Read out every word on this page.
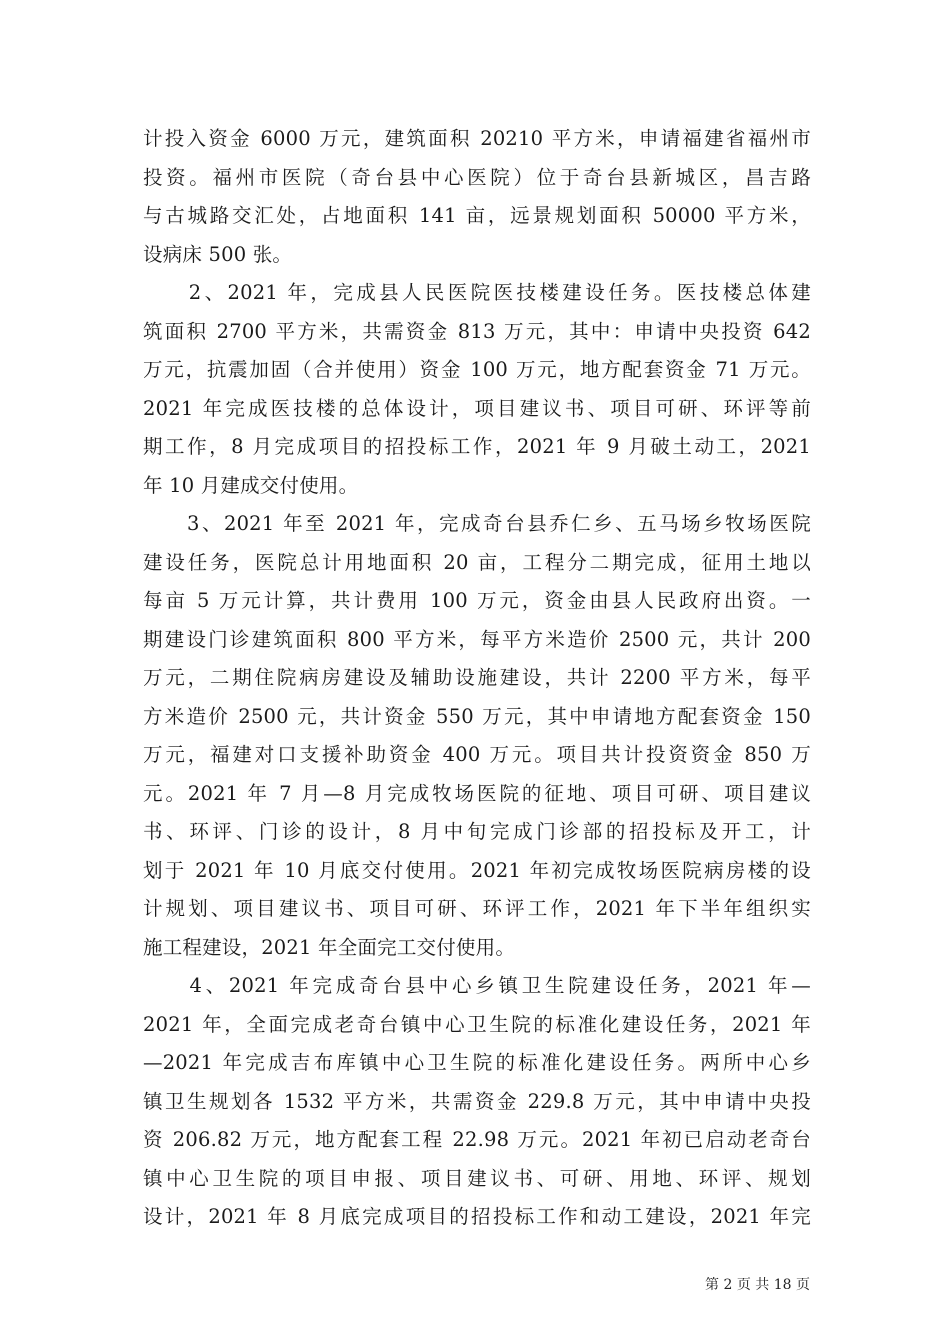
计投入资金 6000 万元，建筑面积 20210 平方米，申请福建省福州市
投资。福州市医院（奇台县中心医院）位于奇台县新城区，昌吉路
与古城路交汇处，占地面积 141 亩，远景规划面积 50000 平方米，
设病床 500 张。
　　2、2021 年，完成县人民医院医技楼建设任务。医技楼总体建
筑面积 2700 平方米，共需资金 813 万元，其中：申请中央投资 642
万元，抗震加固（合并使用）资金 100 万元，地方配套资金 71 万元。
2021 年完成医技楼的总体设计，项目建议书、项目可研、环评等前
期工作，8 月完成项目的招投标工作，2021 年 9 月破土动工，2021
年 10 月建成交付使用。
　　3、2021 年至 2021 年，完成奇台县乔仁乡、五马场乡牧场医院
建设任务，医院总计用地面积 20 亩，工程分二期完成，征用土地以
每亩 5 万元计算，共计费用 100 万元，资金由县人民政府出资。一
期建设门诊建筑面积 800 平方米，每平方米造价 2500 元，共计 200
万元，二期住院病房建设及辅助设施建设，共计 2200 平方米，每平
方米造价 2500 元，共计资金 550 万元，其中申请地方配套资金 150
万元，福建对口支援补助资金 400 万元。项目共计投资资金 850 万
元。2021 年 7 月—8 月完成牧场医院的征地、项目可研、项目建议
书、环评、门诊的设计，8 月中旬完成门诊部的招投标及开工，计
划于 2021 年 10 月底交付使用。2021 年初完成牧场医院病房楼的设
计规划、项目建议书、项目可研、环评工作，2021 年下半年组织实
施工程建设，2021 年全面完工交付使用。
　　4、2021 年完成奇台县中心乡镇卫生院建设任务，2021 年—
2021 年，全面完成老奇台镇中心卫生院的标准化建设任务，2021 年
—2021 年完成吉布库镇中心卫生院的标准化建设任务。两所中心乡
镇卫生规划各 1532 平方米，共需资金 229.8 万元，其中申请中央投
资 206.82 万元，地方配套工程 22.98 万元。2021 年初已启动老奇台
镇中心卫生院的项目申报、项目建议书、可研、用地、环评、规划
设计，2021 年 8 月底完成项目的招投标工作和动工建设，2021 年完
第 2 页 共 18 页
